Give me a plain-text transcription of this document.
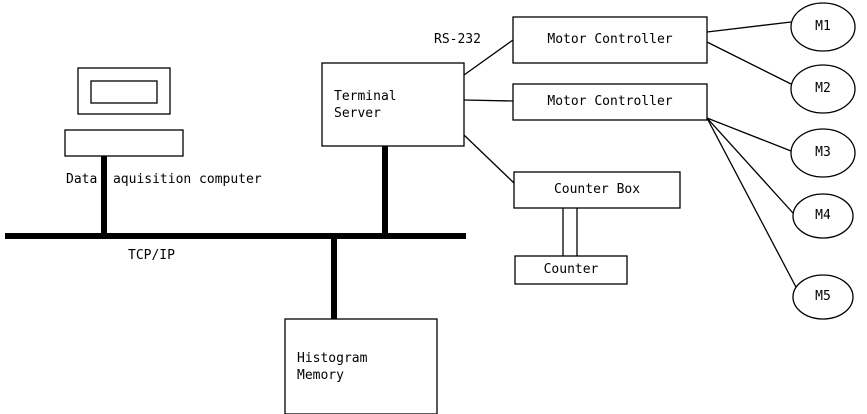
Terminal
Server
Motor Controller
Motor Controller
Counter Box
Counter
Histogram
Memory
M1
M2
M3
M4
M5
Data  aquisition computer
TCP/IP
RS-232
